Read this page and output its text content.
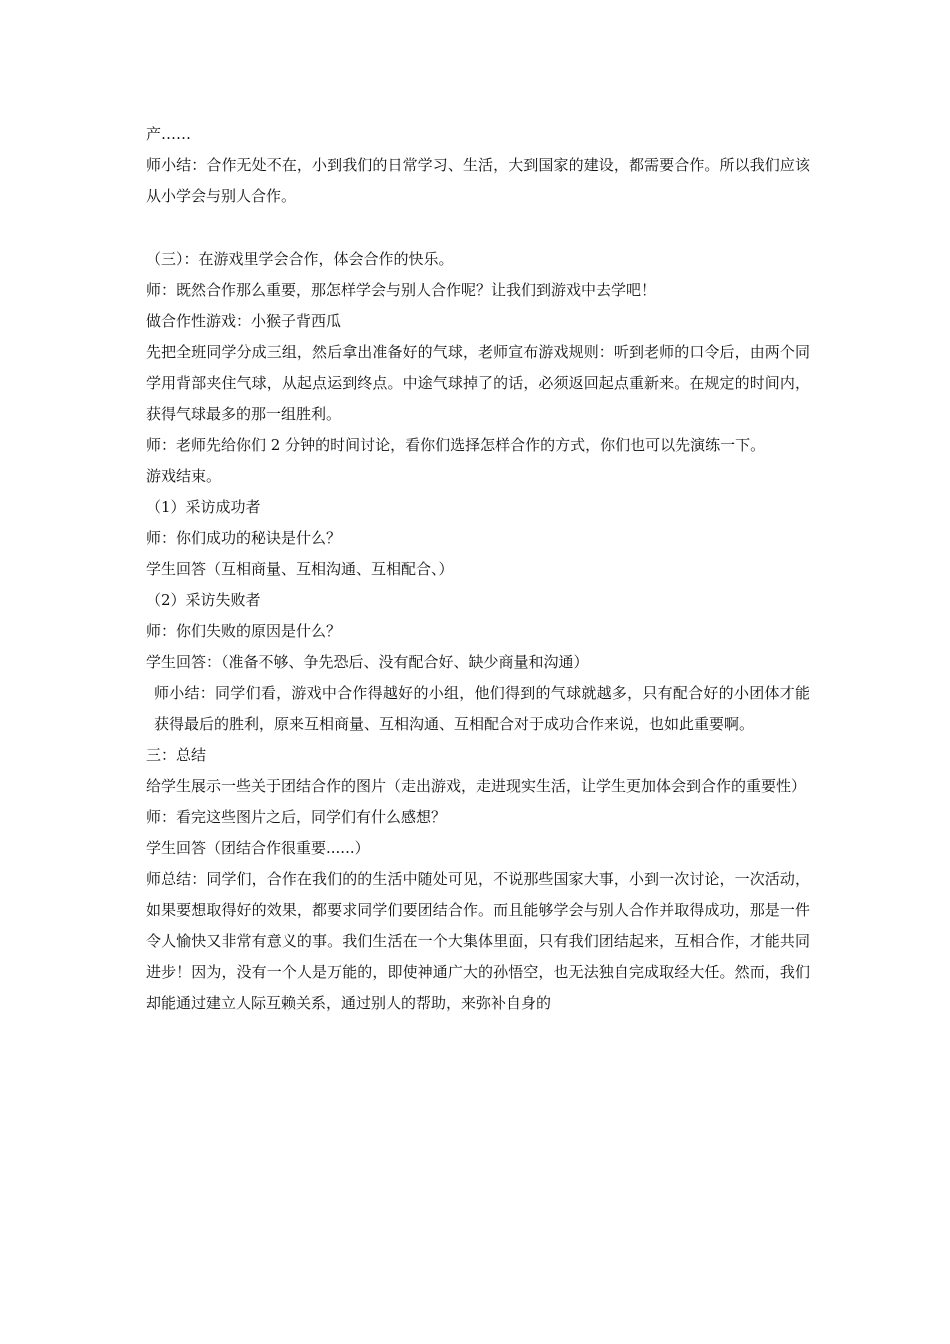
产……

师小结：合作无处不在，小到我们的日常学习、生活，大到国家的建设，都需要合作。所以我们应该从小学会与别人合作。

（三）：在游戏里学会合作，体会合作的快乐。

师：既然合作那么重要，那怎样学会与别人合作呢？让我们到游戏中去学吧！

做合作性游戏：小猴子背西瓜

先把全班同学分成三组，然后拿出准备好的气球，老师宣布游戏规则：听到老师的口令后，由两个同学用背部夹住气球，从起点运到终点。中途气球掉了的话，必须返回起点重新来。在规定的时间内，获得气球最多的那一组胜利。

师：老师先给你们 2 分钟的时间讨论，看你们选择怎样合作的方式，你们也可以先演练一下。

游戏结束。

（1）采访成功者

师：你们成功的秘诀是什么？

学生回答（互相商量、互相沟通、互相配合、）

（2）采访失败者

师：你们失败的原因是什么？

学生回答：（准备不够、争先恐后、没有配合好、缺少商量和沟通）

师小结：同学们看，游戏中合作得越好的小组，他们得到的气球就越多，只有配合好的小团体才能获得最后的胜利，原来互相商量、互相沟通、互相配合对于成功合作来说，也如此重要啊。

三：总结

给学生展示一些关于团结合作的图片（走出游戏，走进现实生活，让学生更加体会到合作的重要性）

师：看完这些图片之后，同学们有什么感想？

学生回答（团结合作很重要......）

师总结：同学们，合作在我们的的生活中随处可见，不说那些国家大事，小到一次讨论，一次活动，如果要想取得好的效果，都要求同学们要团结合作。而且能够学会与别人合作并取得成功，那是一件令人愉快又非常有意义的事。我们生活在一个大集体里面，只有我们团结起来，互相合作，才能共同进步！因为，没有一个人是万能的，即使神通广大的孙悟空，也无法独自完成取经大任。然而，我们却能通过建立人际互赖关系，通过别人的帮助，来弥补自身的
